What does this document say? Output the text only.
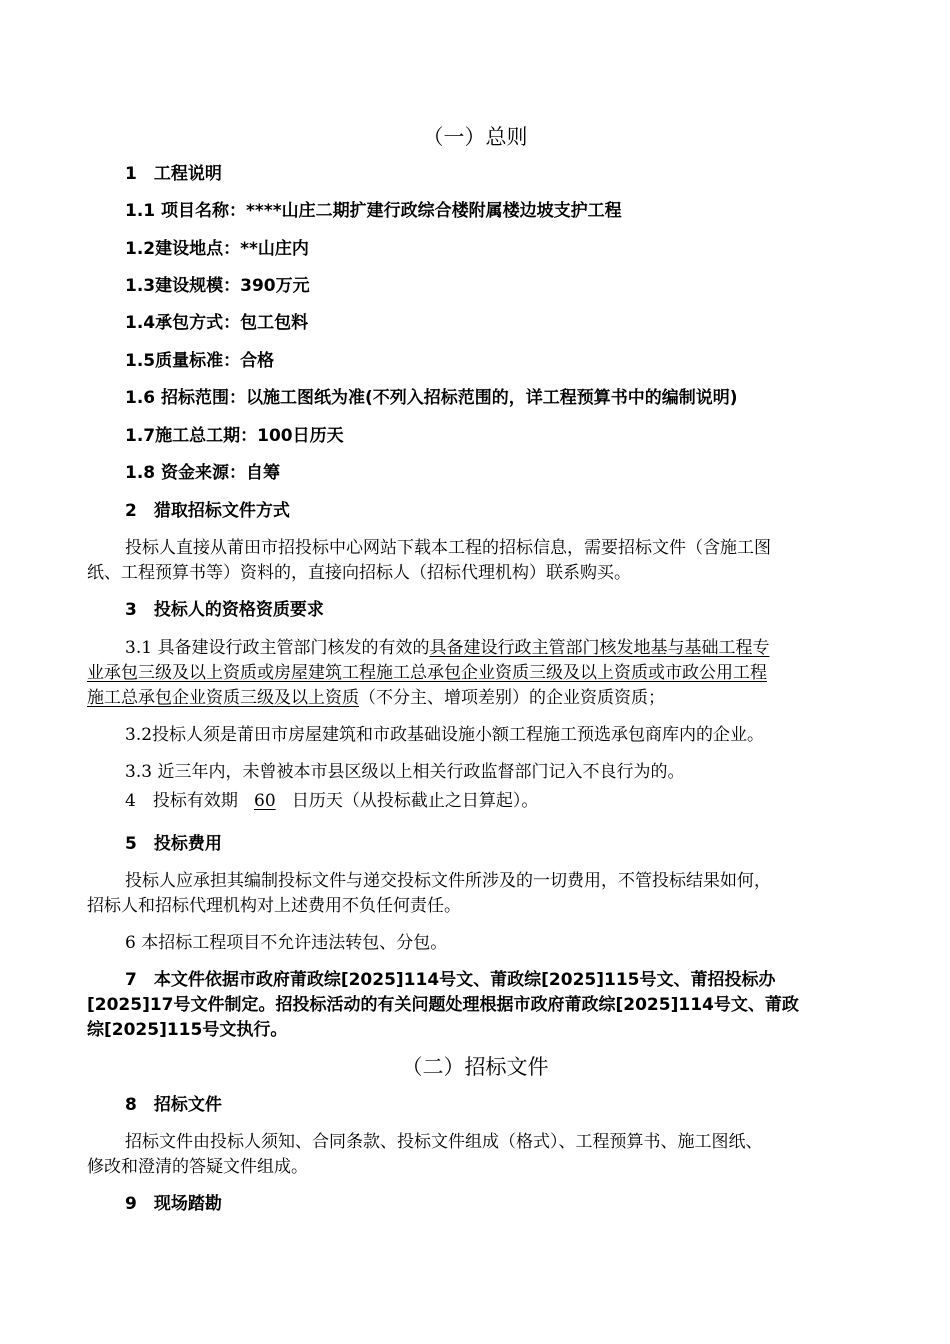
（一）总则
1　工程说明
1.1 项目名称：****山庄二期扩建行政综合楼附属楼边坡支护工程
1.2建设地点：**山庄内
1.3建设规模：390万元
1.4承包方式：包工包料
1.5质量标准：合格
1.6 招标范围：以施工图纸为准(不列入招标范围的，详工程预算书中的编制说明)
1.7施工总工期：100日历天
1.8 资金来源：自筹
2　猎取招标文件方式
投标人直接从莆田市招投标中心网站下载本工程的招标信息，需要招标文件（含施工图
纸、工程预算书等）资料的，直接向招标人（招标代理机构）联系购买。
3　投标人的资格资质要求
3.1 具备建设行政主管部门核发的有效的具备建设行政主管部门核发地基与基础工程专
业承包三级及以上资质或房屋建筑工程施工总承包企业资质三级及以上资质或市政公用工程
施工总承包企业资质三级及以上资质（不分主、增项差别）的企业资质资质；
3.2投标人须是莆田市房屋建筑和市政基础设施小额工程施工预选承包商库内的企业。
3.3 近三年内，未曾被本市县区级以上相关行政监督部门记入不良行为的。
4　投标有效期 60 日历天（从投标截止之日算起）。
5　投标费用
投标人应承担其编制投标文件与递交投标文件所涉及的一切费用，不管投标结果如何，
招标人和招标代理机构对上述费用不负任何责任。
6 本招标工程项目不允许违法转包、分包。
7　本文件依据市政府莆政综[2025]114号文、莆政综[2025]115号文、莆招投标办
[2025]17号文件制定。招投标活动的有关问题处理根据市政府莆政综[2025]114号文、莆政
综[2025]115号文执行。
（二）招标文件
8　招标文件
招标文件由投标人须知、合同条款、投标文件组成（格式）、工程预算书、施工图纸、
修改和澄清的答疑文件组成。
9　现场踏勘
